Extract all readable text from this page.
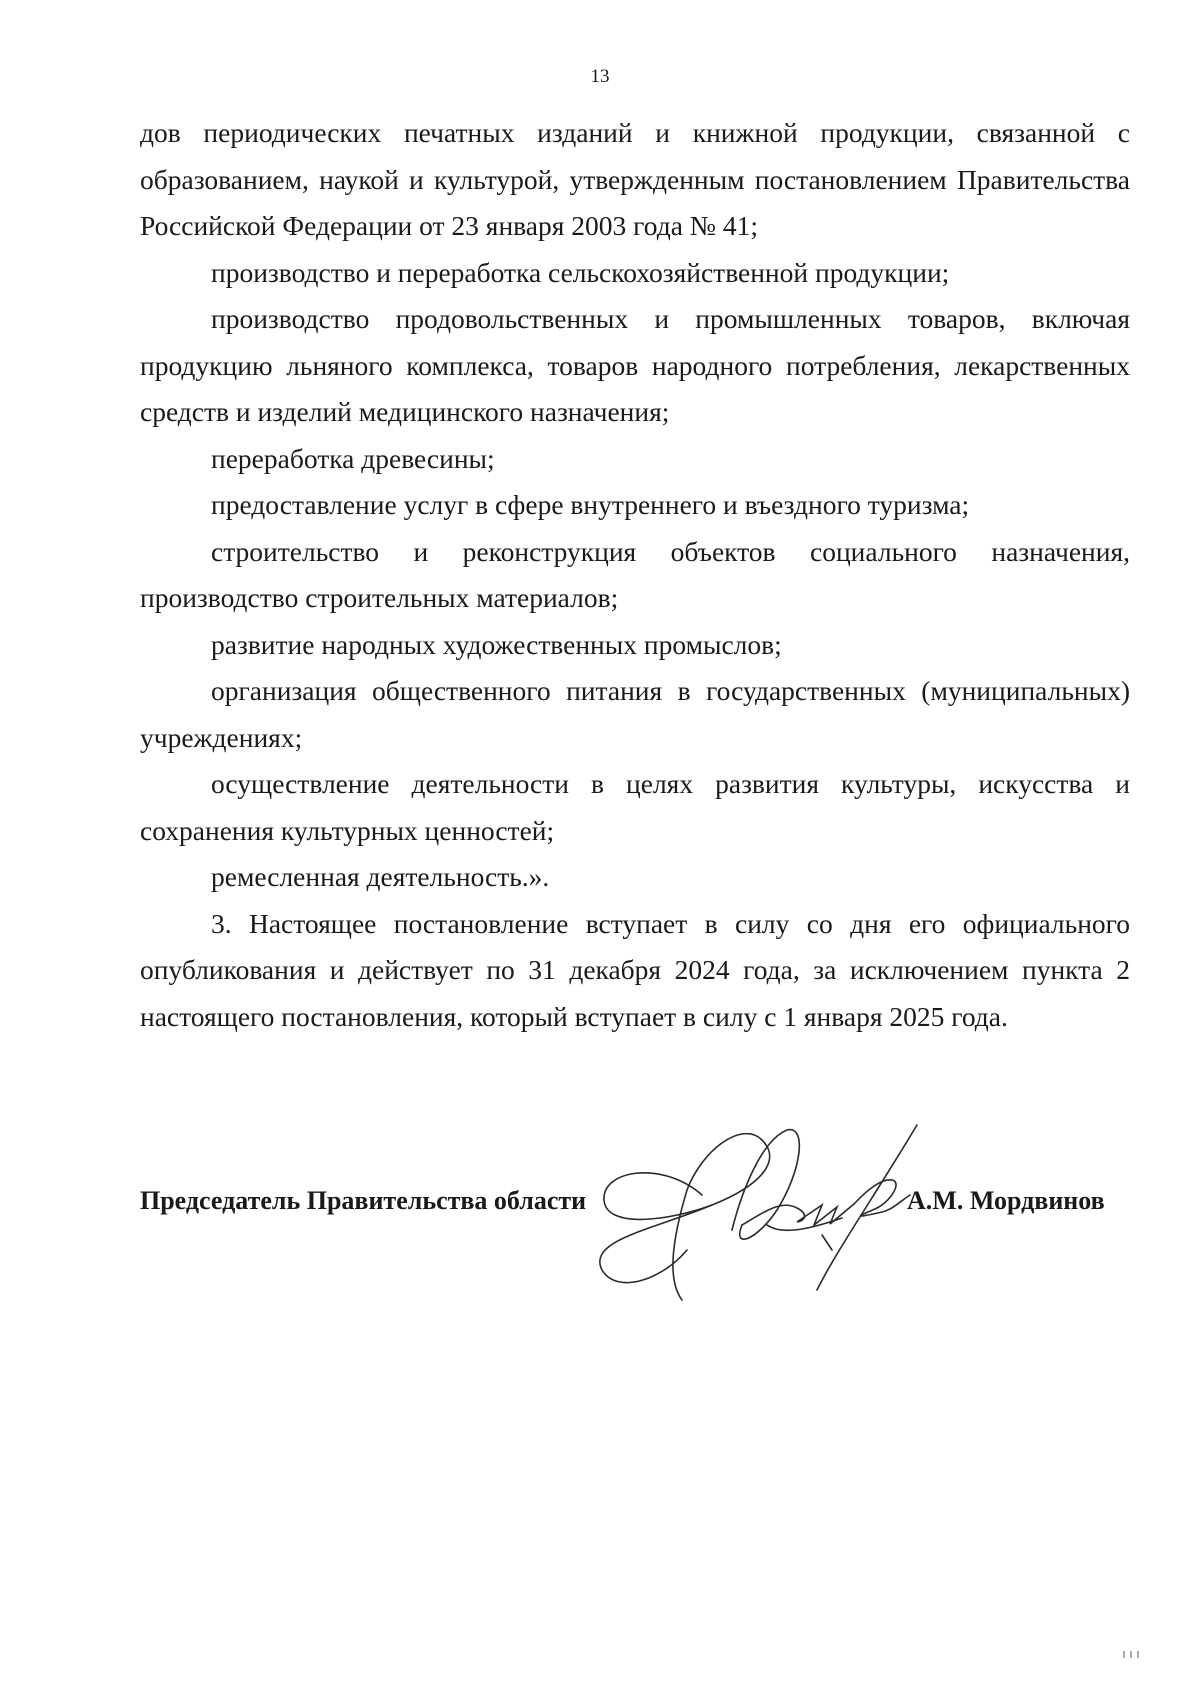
13

дов периодических печатных изданий и книжной продукции, связанной с образованием, наукой и культурой, утвержденным постановлением Правительства Российской Федерации от 23 января 2003 года № 41;

производство и переработка сельскохозяйственной продукции;

производство продовольственных и промышленных товаров, включая продукцию льняного комплекса, товаров народного потребления, лекарственных средств и изделий медицинского назначения;

переработка древесины;

предоставление услуг в сфере внутреннего и въездного туризма;

строительство и реконструкция объектов социального назначения, производство строительных материалов;

развитие народных художественных промыслов;

организация общественного питания в государственных (муниципальных) учреждениях;

осуществление деятельности в целях развития культуры, искусства и сохранения культурных ценностей;

ремесленная деятельность.».

3. Настоящее постановление вступает в силу со дня его официального опубликования и действует по 31 декабря 2024 года, за исключением пункта 2 настоящего постановления, который вступает в силу с 1 января 2025 года.

Председатель Правительства области	А.М. Мордвинов
